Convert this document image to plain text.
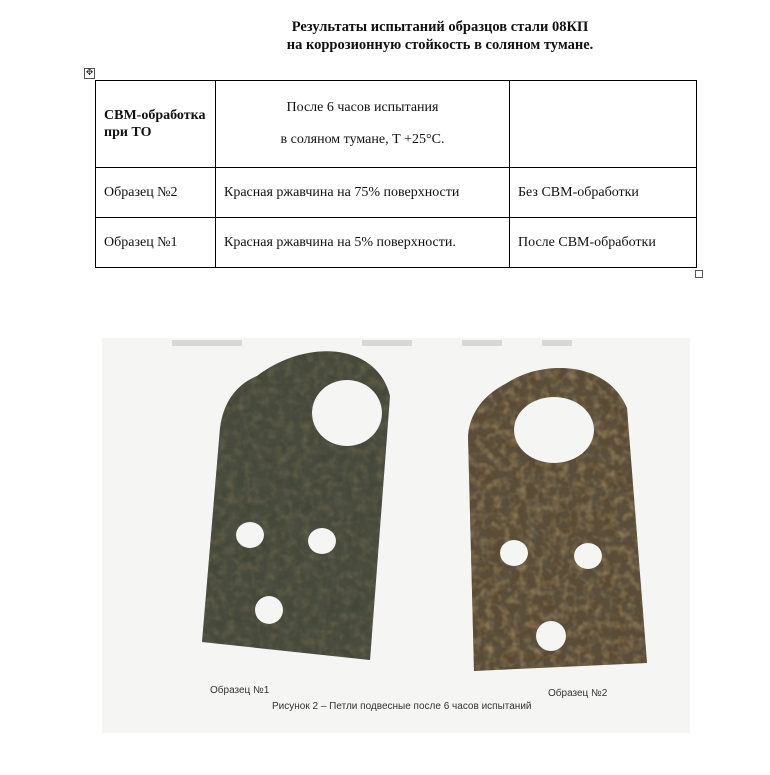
Результаты испытаний образцов стали 08КП
на коррозионную стойкость в соляном тумане.
✥
СВМ-обработка при ТО	После 6 часов испытания
в соляном тумане, Т +25°С.	

Образец №2	Красная ржавчина на 75% поверхности	Без СВМ-обработки
Образец №1	Красная ржавчина на 5% поверхности.	После СВМ-обработки
Образец №1	Образец №2
Рисунок 2 – Петли подвесные после 6 часов испытаний
